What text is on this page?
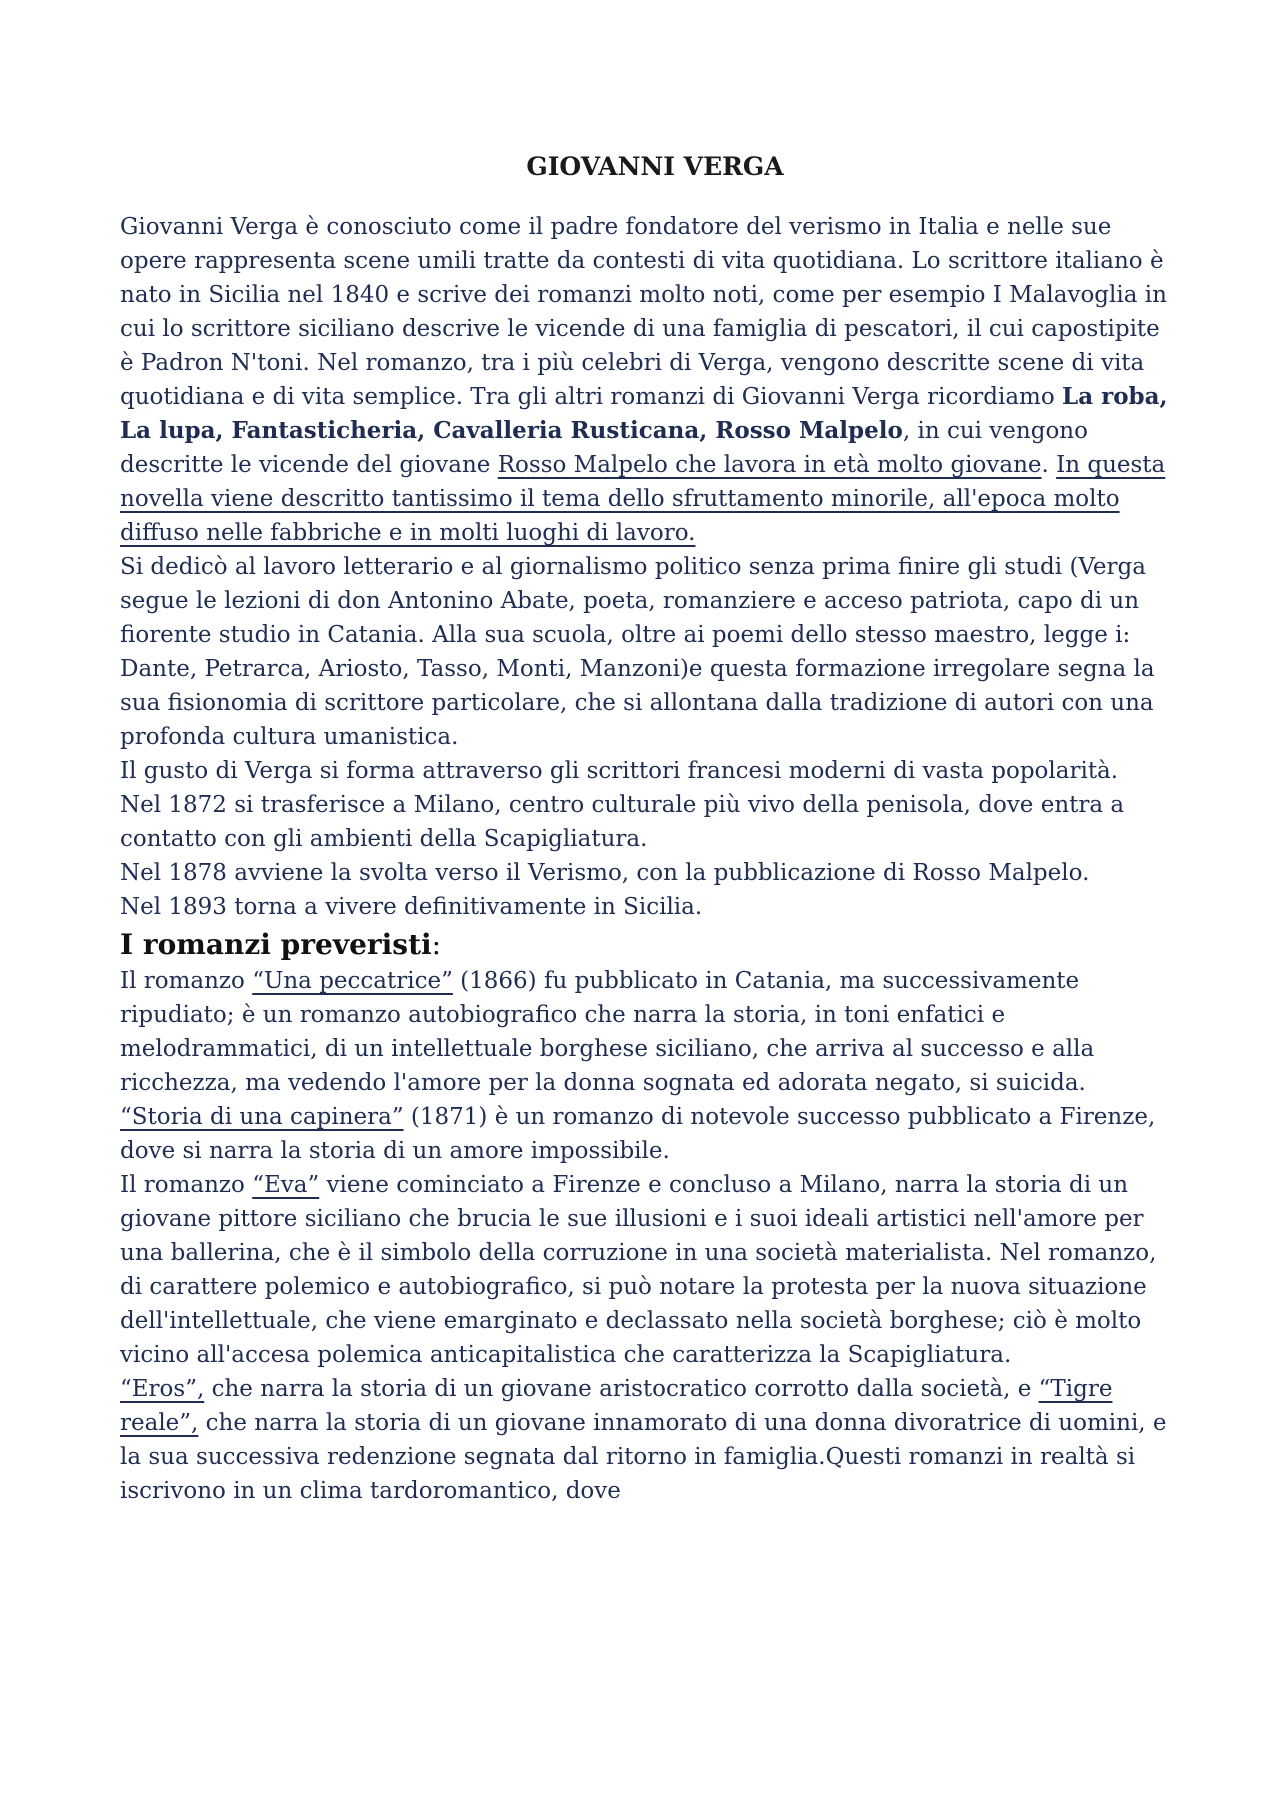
GIOVANNI VERGA

Giovanni Verga è conosciuto come il padre fondatore del verismo in Italia e nelle sue opere rappresenta scene umili tratte da contesti di vita quotidiana. Lo scrittore italiano è nato in Sicilia nel 1840 e scrive dei romanzi molto noti, come per esempio I Malavoglia in cui lo scrittore siciliano descrive le vicende di una famiglia di pescatori, il cui capostipite è Padron N'toni. Nel romanzo, tra i più celebri di Verga, vengono descritte scene di vita quotidiana e di vita semplice. Tra gli altri romanzi di Giovanni Verga ricordiamo La roba, La lupa, Fantasticheria, Cavalleria Rusticana, Rosso Malpelo, in cui vengono descritte le vicende del giovane Rosso Malpelo che lavora in età molto giovane. In questa novella viene descritto tantissimo il tema dello sfruttamento minorile, all'epoca molto diffuso nelle fabbriche e in molti luoghi di lavoro.

Si dedicò al lavoro letterario e al giornalismo politico senza prima finire gli studi (Verga segue le lezioni di don Antonino Abate, poeta, romanziere e acceso patriota, capo di un fiorente studio in Catania. Alla sua scuola, oltre ai poemi dello stesso maestro, legge i: Dante, Petrarca, Ariosto, Tasso, Monti, Manzoni)e questa formazione irregolare segna la sua fisionomia di scrittore particolare, che si allontana dalla tradizione di autori con una profonda cultura umanistica.

Il gusto di Verga si forma attraverso gli scrittori francesi moderni di vasta popolarità.

Nel 1872 si trasferisce a Milano, centro culturale più vivo della penisola, dove entra a contatto con gli ambienti della Scapigliatura.

Nel 1878 avviene la svolta verso il Verismo, con la pubblicazione di Rosso Malpelo.

Nel 1893 torna a vivere definitivamente in Sicilia.

I romanzi preveristi:

Il romanzo “Una peccatrice” (1866) fu pubblicato in Catania, ma successivamente ripudiato; è un romanzo autobiografico che narra la storia, in toni enfatici e melodrammatici, di un intellettuale borghese siciliano, che arriva al successo e alla ricchezza, ma vedendo l'amore per la donna sognata ed adorata negato, si suicida.

“Storia di una capinera” (1871) è un romanzo di notevole successo pubblicato a Firenze, dove si narra la storia di un amore impossibile.

Il romanzo “Eva” viene cominciato a Firenze e concluso a Milano, narra la storia di un giovane pittore siciliano che brucia le sue illusioni e i suoi ideali artistici nell'amore per una ballerina, che è il simbolo della corruzione in una società materialista. Nel romanzo, di carattere polemico e autobiografico, si può notare la protesta per la nuova situazione dell'intellettuale, che viene emarginato e declassato nella società borghese; ciò è molto vicino all'accesa polemica anticapitalistica che caratterizza la Scapigliatura.

“Eros”, che narra la storia di un giovane aristocratico corrotto dalla società, e “Tigre reale”, che narra la storia di un giovane innamorato di una donna divoratrice di uomini, e la sua successiva redenzione segnata dal ritorno in famiglia.Questi romanzi in realtà si iscrivono in un clima tardoromantico, dove
